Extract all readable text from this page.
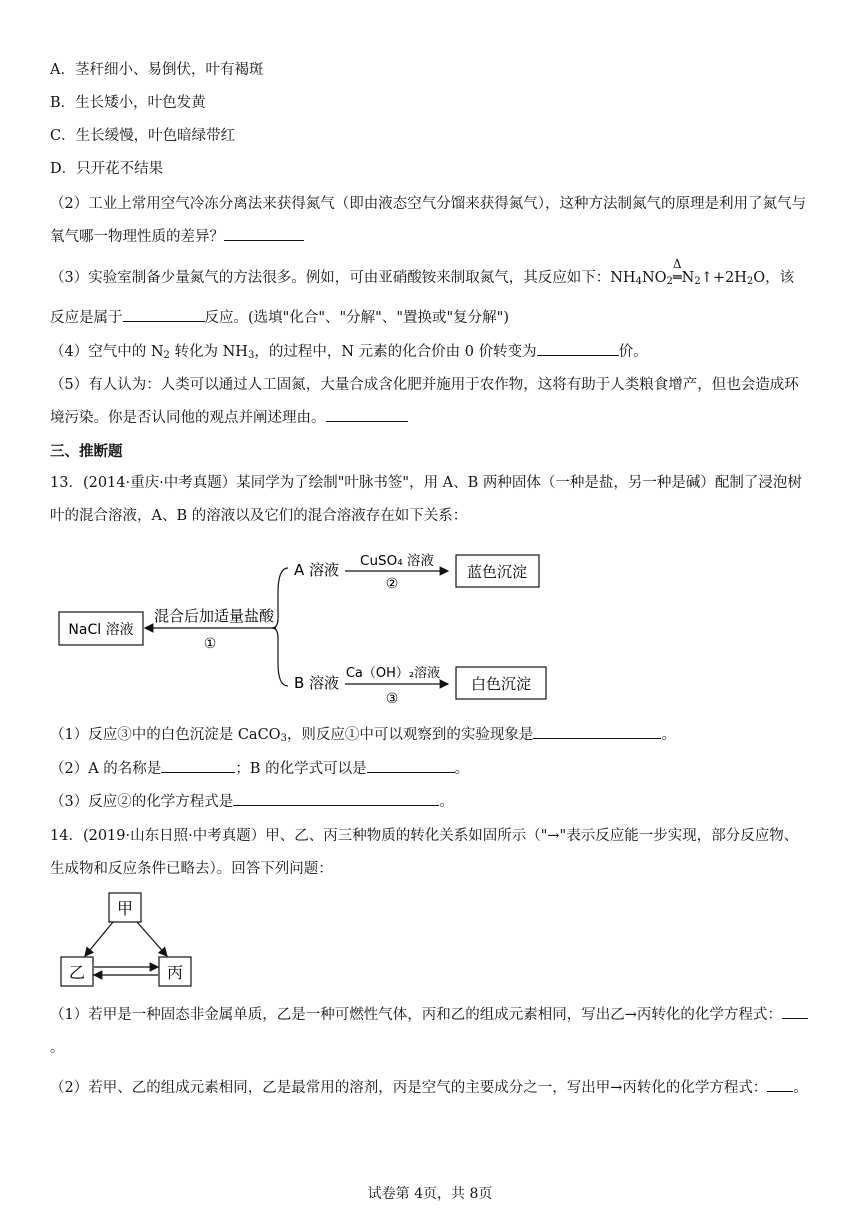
A．茎秆细小、易倒伏，叶有褐斑
B．生长矮小，叶色发黄
C．生长缓慢，叶色暗绿带红
D．只开花不结果
（2）工业上常用空气冷冻分离法来获得氮气（即由液态空气分馏来获得氮气），这种方法制氮气的原理是利用了氮气与氧气哪一物理性质的差异？
（3）实验室制备少量氮气的方法很多。例如，可由亚硝酸铵来制取氮气，其反应如下：$NH_4NO_2$
Δ
$═N_2↑+2H_2O$，该
反应是属于	反应。(选填"化合"、"分解"、"置换或"复分解")
（4）空气中的 $N_2$ 转化为 $NH_3$，的过程中，N 元素的化合价由 0 价转变为	价。
（5）有人认为：人类可以通过人工固氮，大量合成含化肥并施用于农作物，这将有助于人类粮食增产，但也会造成环境污染。你是否认同他的观点并阐述理由。
三、推断题
13．(2014·重庆·中考真题）某同学为了绘制"叶脉书签"，用 A、B 两种固体（一种是盐，另一种是碱）配制了浸泡树叶的混合溶液，A、B 的溶液以及它们的混合溶液存在如下关系：
NaCl 溶液
混合后加适量盐酸
①
A 溶液 CuSO₄ 溶液
②
蓝色沉淀
B 溶液
Ca（OH）₂溶液
③
白色沉淀
（1）反应③中的白色沉淀是 CaCO$_3$，则反应①中可以观察到的实验现象是	。
（2）A 的名称是	；B 的化学式可以是	。
（3）反应②的化学方程式是	。
14．(2019·山东日照·中考真题）甲、乙、丙三种物质的转化关系如固所示（"→"表示反应能一步实现，部分反应物、生成物和反应条件已略去）。回答下列问题：
甲
乙	丙
（1）若甲是一种固态非金属单质，乙是一种可燃性气体，丙和乙的组成元素相同，写出乙→丙转化的化学方程式：。
（2）若甲、乙的组成元素相同，乙是最常用的溶剂，丙是空气的主要成分之一，写出甲→丙转化的化学方程式： 。
试卷第 4页，共 8页
